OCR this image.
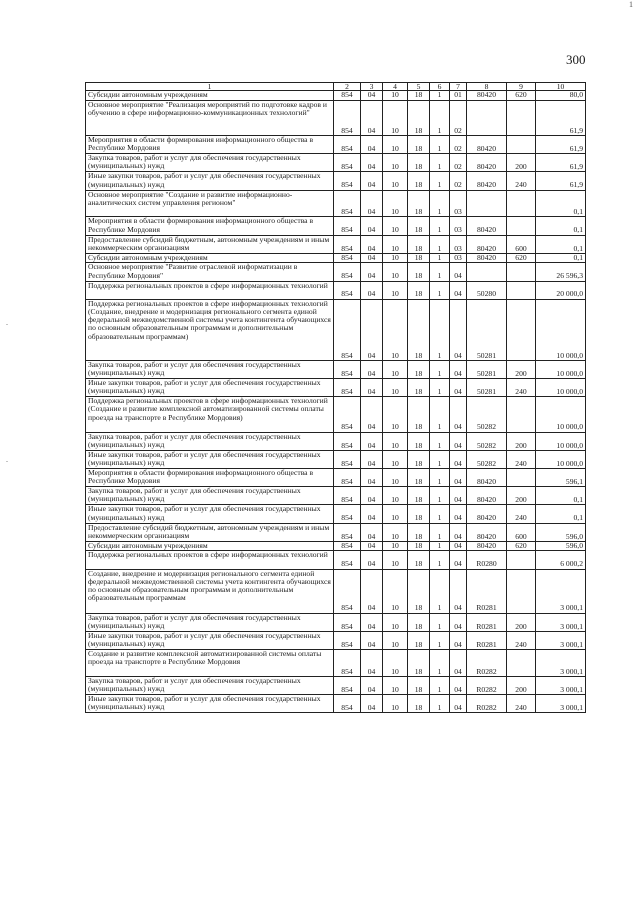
1
300
.
.
1	2	3	4	5	6	7	8	9	10
Субсидии автономным учреждениям	854	04	10	18	1	01	80420	620	80,0
Основное мероприятие "Реализация мероприятий по подготовке кадров и обучению в сфере информационно-коммуникационных технологий"	854	04	10	18	1	02			61,9
Мероприятия в области формирования информационного общества в Республике Мордовия	854	04	10	18	1	02	80420		61,9
Закупка товаров, работ и услуг для обеспечения государственных (муниципальных) нужд	854	04	10	18	1	02	80420	200	61,9
Иные закупки товаров, работ и услуг для обеспечения государственных (муниципальных) нужд	854	04	10	18	1	02	80420	240	61,9
Основное мероприятие "Создание и развитие информационно-аналитических систем управления регионом"	854	04	10	18	1	03			0,1
Мероприятия в области формирования информационного общества в Республике Мордовия	854	04	10	18	1	03	80420		0,1
Предоставление субсидий бюджетным, автономным учреждениям и иным некоммерческим организациям	854	04	10	18	1	03	80420	600	0,1
Субсидии автономным учреждениям	854	04	10	18	1	03	80420	620	0,1
Основное мероприятие "Развитие отраслевой информатизации в Республике Мордовия"	854	04	10	18	1	04			26 596,3
Поддержка региональных проектов в сфере информационных технологий	854	04	10	18	1	04	50280		20 000,0
Поддержка региональных проектов в сфере информационных технологий (Создание, внедрение и модернизация регионального сегмента единой федеральной межведомственной системы учета контингента обучающихся по основным образовательным программам и дополнительным образовательным программам)	854	04	10	18	1	04	50281		10 000,0
Закупка товаров, работ и услуг для обеспечения государственных (муниципальных) нужд	854	04	10	18	1	04	50281	200	10 000,0
Иные закупки товаров, работ и услуг для обеспечения государственных (муниципальных) нужд	854	04	10	18	1	04	50281	240	10 000,0
Поддержка региональных проектов в сфере информационных технологий (Создание и развитие комплексной автоматизированной системы оплаты проезда на транспорте в Республике Мордовия)	854	04	10	18	1	04	50282		10 000,0
Закупка товаров, работ и услуг для обеспечения государственных (муниципальных) нужд	854	04	10	18	1	04	50282	200	10 000,0
Иные закупки товаров, работ и услуг для обеспечения государственных (муниципальных) нужд	854	04	10	18	1	04	50282	240	10 000,0
Мероприятия в области формирования информационного общества в Республике Мордовия	854	04	10	18	1	04	80420		596,1
Закупка товаров, работ и услуг для обеспечения государственных (муниципальных) нужд	854	04	10	18	1	04	80420	200	0,1
Иные закупки товаров, работ и услуг для обеспечения государственных (муниципальных) нужд	854	04	10	18	1	04	80420	240	0,1
Предоставление субсидий бюджетным, автономным учреждениям и иным некоммерческим организациям	854	04	10	18	1	04	80420	600	596,0
Субсидии автономным учреждениям	854	04	10	18	1	04	80420	620	596,0
Поддержка региональных проектов в сфере информационных технологий	854	04	10	18	1	04	R0280		6 000,2
Создание, внедрение и модернизация регионального сегмента единой федеральной межведомственной системы учета контингента обучающихся по основным образовательным программам и дополнительным образовательным программам	854	04	10	18	1	04	R0281		3 000,1
Закупка товаров, работ и услуг для обеспечения государственных (муниципальных) нужд	854	04	10	18	1	04	R0281	200	3 000,1
Иные закупки товаров, работ и услуг для обеспечения государственных (муниципальных) нужд	854	04	10	18	1	04	R0281	240	3 000,1
Создание и развитие комплексной автоматизированной системы оплаты проезда на транспорте в Республике Мордовия	854	04	10	18	1	04	R0282		3 000,1
Закупка товаров, работ и услуг для обеспечения государственных (муниципальных) нужд	854	04	10	18	1	04	R0282	200	3 000,1
Иные закупки товаров, работ и услуг для обеспечения государственных (муниципальных) нужд	854	04	10	18	1	04	R0282	240	3 000,1
